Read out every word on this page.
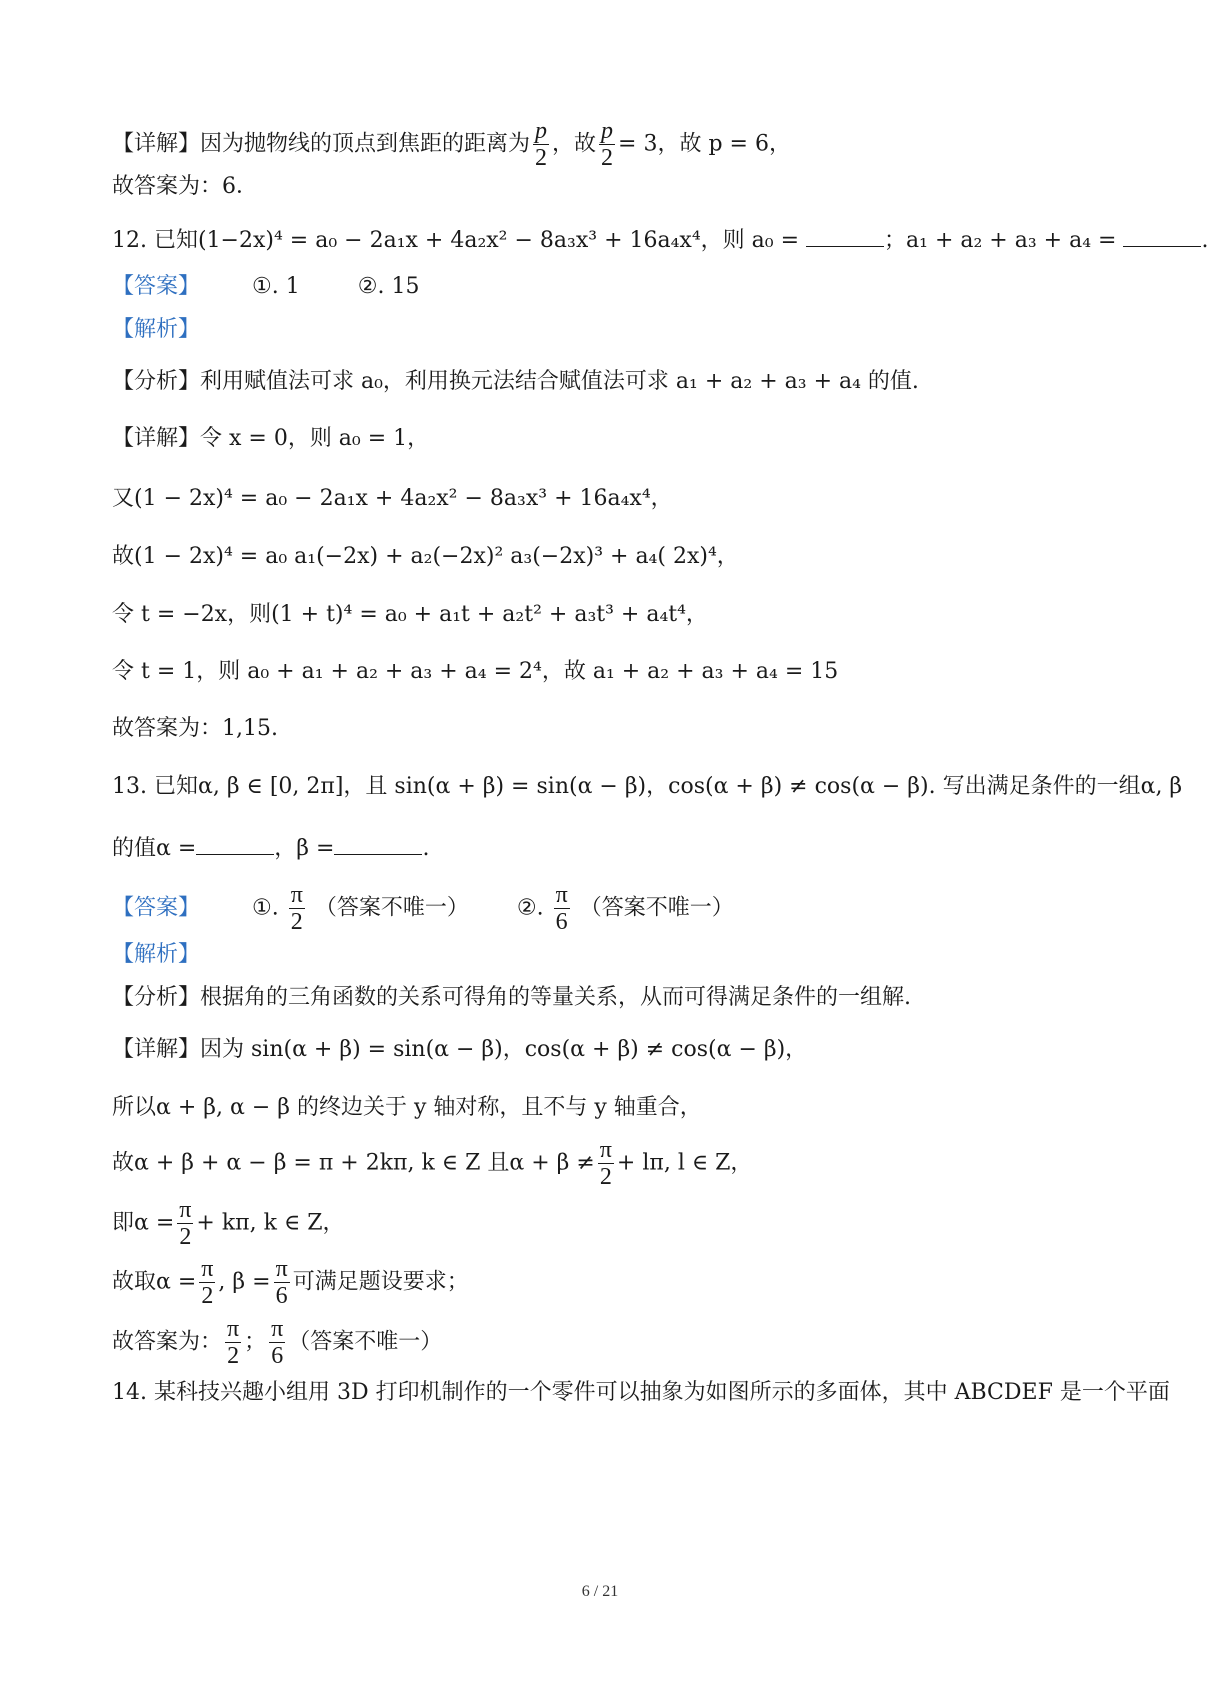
【详解】因为抛物线的顶点到焦距的距离为 $\frac{p}{2}$ ，故 $\frac{p}{2} = 3$，故 p = 6，
故答案为：6．
12. 已知(1−2x)⁴ = a₀ − 2a₁x + 4a₂x² − 8a₃x³ + 16a₄x⁴，则 a₀ =	；a₁ + a₂ + a₃ + a₄ =	.
【答案】 ①. 1	②. 15
【解析】
【分析】利用赋值法可求 a₀，利用换元法结合赋值法可求 a₁ + a₂ + a₃ + a₄ 的值.
【详解】令 x = 0，则 a₀ = 1，
又(1 − 2x)⁴ = a₀ − 2a₁x + 4a₂x² − 8a₃x³ + 16a₄x⁴，
故(1 − 2x)⁴ = a₀ a₁(−2x) + a₂(−2x)² a₃(−2x)³ + a₄( 2x)⁴，
令 t = −2x，则(1 + t)⁴ = a₀ + a₁t + a₂t² + a₃t³ + a₄t⁴，
令 t = 1，则 a₀ + a₁ + a₂ + a₃ + a₄ = 2⁴，故 a₁ + a₂ + a₃ + a₄ = 15
故答案为：1,15.
13. 已知α, β ∈ [0, 2π]，且 sin(α + β) = sin(α − β)，cos(α + β) ≠ cos(α − β). 写出满足条件的一组α, β
的值α =	，β =	.
【答案】 ①. $\frac{\pi}{2}$ （答案不唯一） ②. $\frac{\pi}{6}$ （答案不唯一）
【解析】
【分析】根据角的三角函数的关系可得角的等量关系，从而可得满足条件的一组解.
【详解】因为 sin(α + β) = sin(α − β)，cos(α + β) ≠ cos(α − β)，
所以α + β, α − β 的终边关于 y 轴对称，且不与 y 轴重合，
故α + β + α − β = π + 2kπ, k ∈ Z 且$\alpha + \beta \ne \frac{\pi}{2} + l\pi$, l ∈ Z，
即$\alpha = \frac{\pi}{2} + k\pi$, k ∈ Z，
故取$\alpha = \frac{\pi}{2}$ , $\beta = \frac{\pi}{6}$ 可满足题设要求；
故答案为： $\frac{\pi}{2}$ ； $\frac{\pi}{6}$ （答案不唯一）
14. 某科技兴趣小组用 3D 打印机制作的一个零件可以抽象为如图所示的多面体，其中 ABCDEF 是一个平面
6 / 21
